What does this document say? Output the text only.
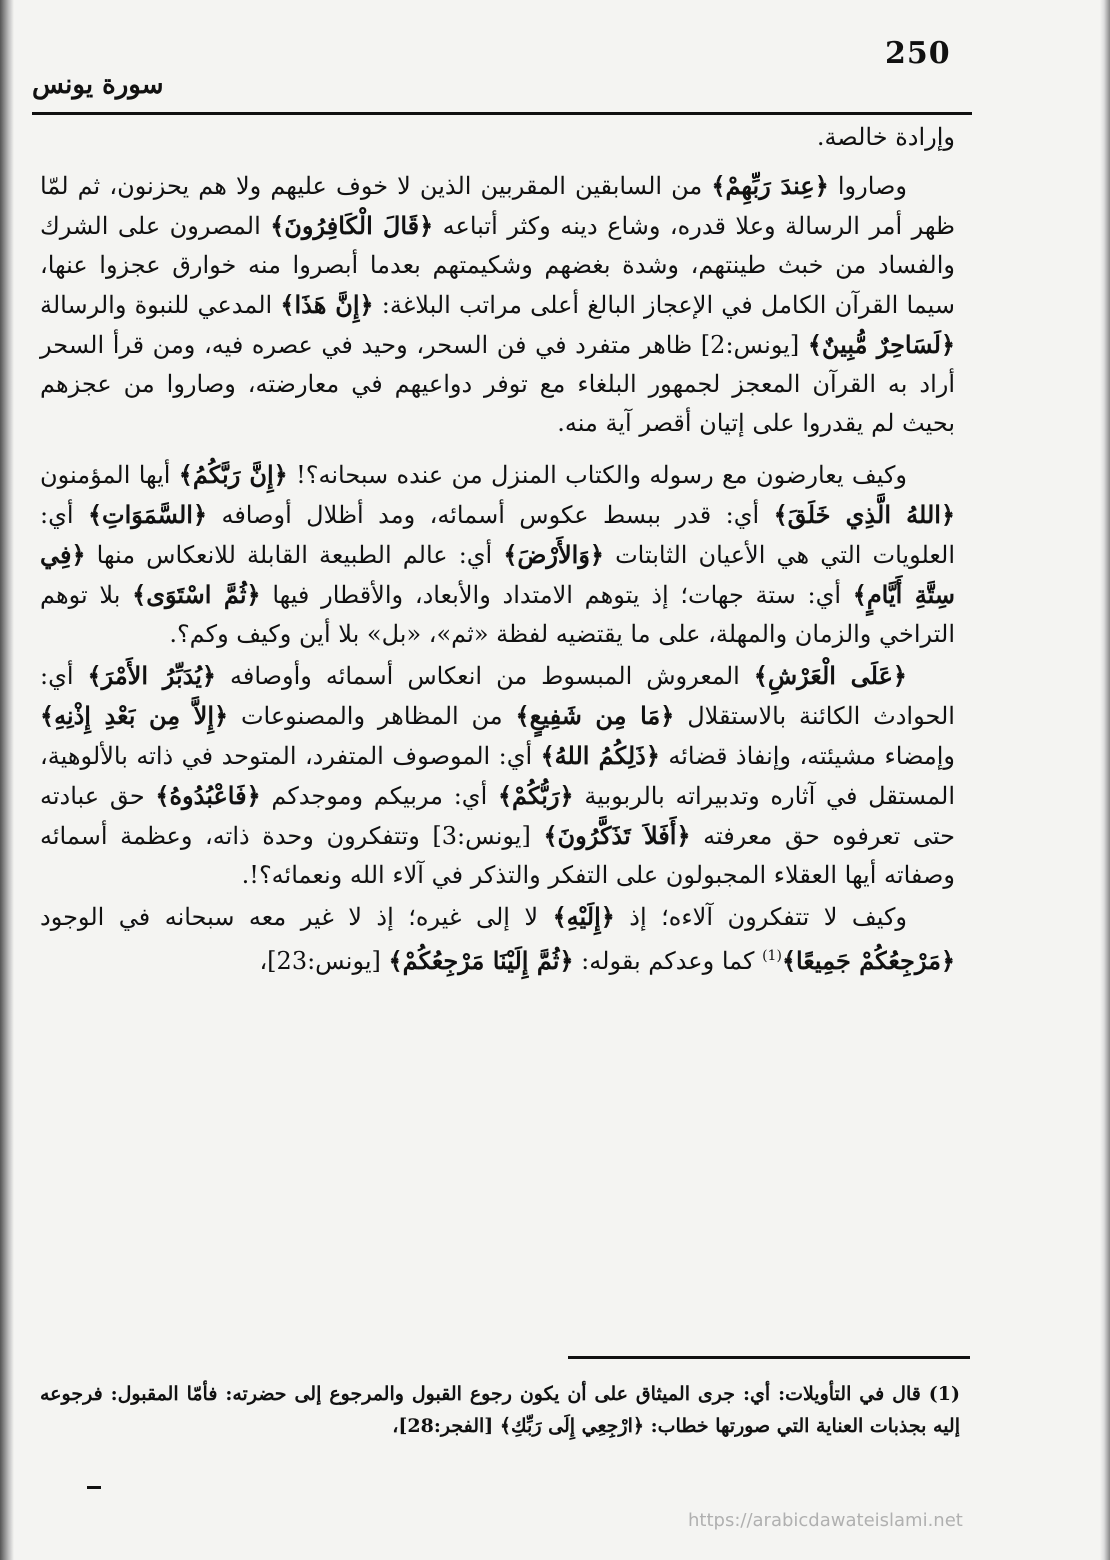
250
سورة يونس

وإرادة خالصة.

وصاروا ﴿عِندَ رَبِّهِمْ﴾ من السابقين المقربين الذين لا خوف عليهم ولا هم يحزنون، ثم لمّا ظهر أمر الرسالة وعلا قدره، وشاع دينه وكثر أتباعه ﴿قَالَ الْكَافِرُونَ﴾ المصرون على الشرك والفساد من خبث طينتهم، وشدة بغضهم وشكيمتهم بعدما أبصروا منه خوارق عجزوا عنها، سيما القرآن الكامل في الإعجاز البالغ أعلى مراتب البلاغة: ﴿إِنَّ هَذَا﴾ المدعي للنبوة والرسالة ﴿لَسَاحِرٌ مُّبِينٌ﴾ [يونس:2] ظاهر متفرد في فن السحر، وحيد في عصره فيه، ومن قرأ السحر أراد به القرآن المعجز لجمهور البلغاء مع توفر دواعيهم في معارضته، وصاروا من عجزهم بحيث لم يقدروا على إتيان أقصر آية منه.

وكيف يعارضون مع رسوله والكتاب المنزل من عنده سبحانه؟! ﴿إِنَّ رَبَّكُمُ﴾ أيها المؤمنون ﴿اللهُ الَّذِي خَلَقَ﴾ أي: قدر ببسط عكوس أسمائه، ومد أظلال أوصافه ﴿السَّمَوَاتِ﴾ أي: العلويات التي هي الأعيان الثابتات ﴿وَالأَرْضَ﴾ أي: عالم الطبيعة القابلة للانعكاس منها ﴿فِي سِتَّةِ أَيَّامٍ﴾ أي: ستة جهات؛ إذ يتوهم الامتداد والأبعاد، والأقطار فيها ﴿ثُمَّ اسْتَوَى﴾ بلا توهم التراخي والزمان والمهلة، على ما يقتضيه لفظة «ثم»، «بل» بلا أين وكيف وكم؟.

﴿عَلَى الْعَرْشِ﴾ المعروش المبسوط من انعكاس أسمائه وأوصافه ﴿يُدَبِّرُ الأَمْرَ﴾ أي: الحوادث الكائنة بالاستقلال ﴿مَا مِن شَفِيعٍ﴾ من المظاهر والمصنوعات ﴿إِلاَّ مِن بَعْدِ إِذْنِهِ﴾ وإمضاء مشيئته، وإنفاذ قضائه ﴿ذَلِكُمُ اللهُ﴾ أي: الموصوف المتفرد، المتوحد في ذاته بالألوهية، المستقل في آثاره وتدبيراته بالربوبية ﴿رَبُّكُمْ﴾ أي: مربيكم وموجدكم ﴿فَاعْبُدُوهُ﴾ حق عبادته حتى تعرفوه حق معرفته ﴿أَفَلاَ تَذَكَّرُونَ﴾ [يونس:3] وتتفكرون وحدة ذاته، وعظمة أسمائه وصفاته أيها العقلاء المجبولون على التفكر والتذكر في آلاء الله ونعمائه؟!.

وكيف لا تتفكرون آلاءه؛ إذ ﴿إِلَيْهِ﴾ لا إلى غيره؛ إذ لا غير معه سبحانه في الوجود ﴿مَرْجِعُكُمْ جَمِيعًا﴾$^{(1)}$ كما وعدكم بقوله: ﴿ثُمَّ إِلَيْنَا مَرْجِعُكُمْ﴾ [يونس:23]،

(1) قال في التأويلات: أي: جرى الميثاق على أن يكون رجوع القبول والمرجوع إلى حضرته: فأمّا المقبول: فرجوعه إليه بجذبات العناية التي صورتها خطاب: ﴿ارْجِعِي إِلَى رَبِّكِ﴾ [الفجر:28]،
https://arabicdawateislami.net
